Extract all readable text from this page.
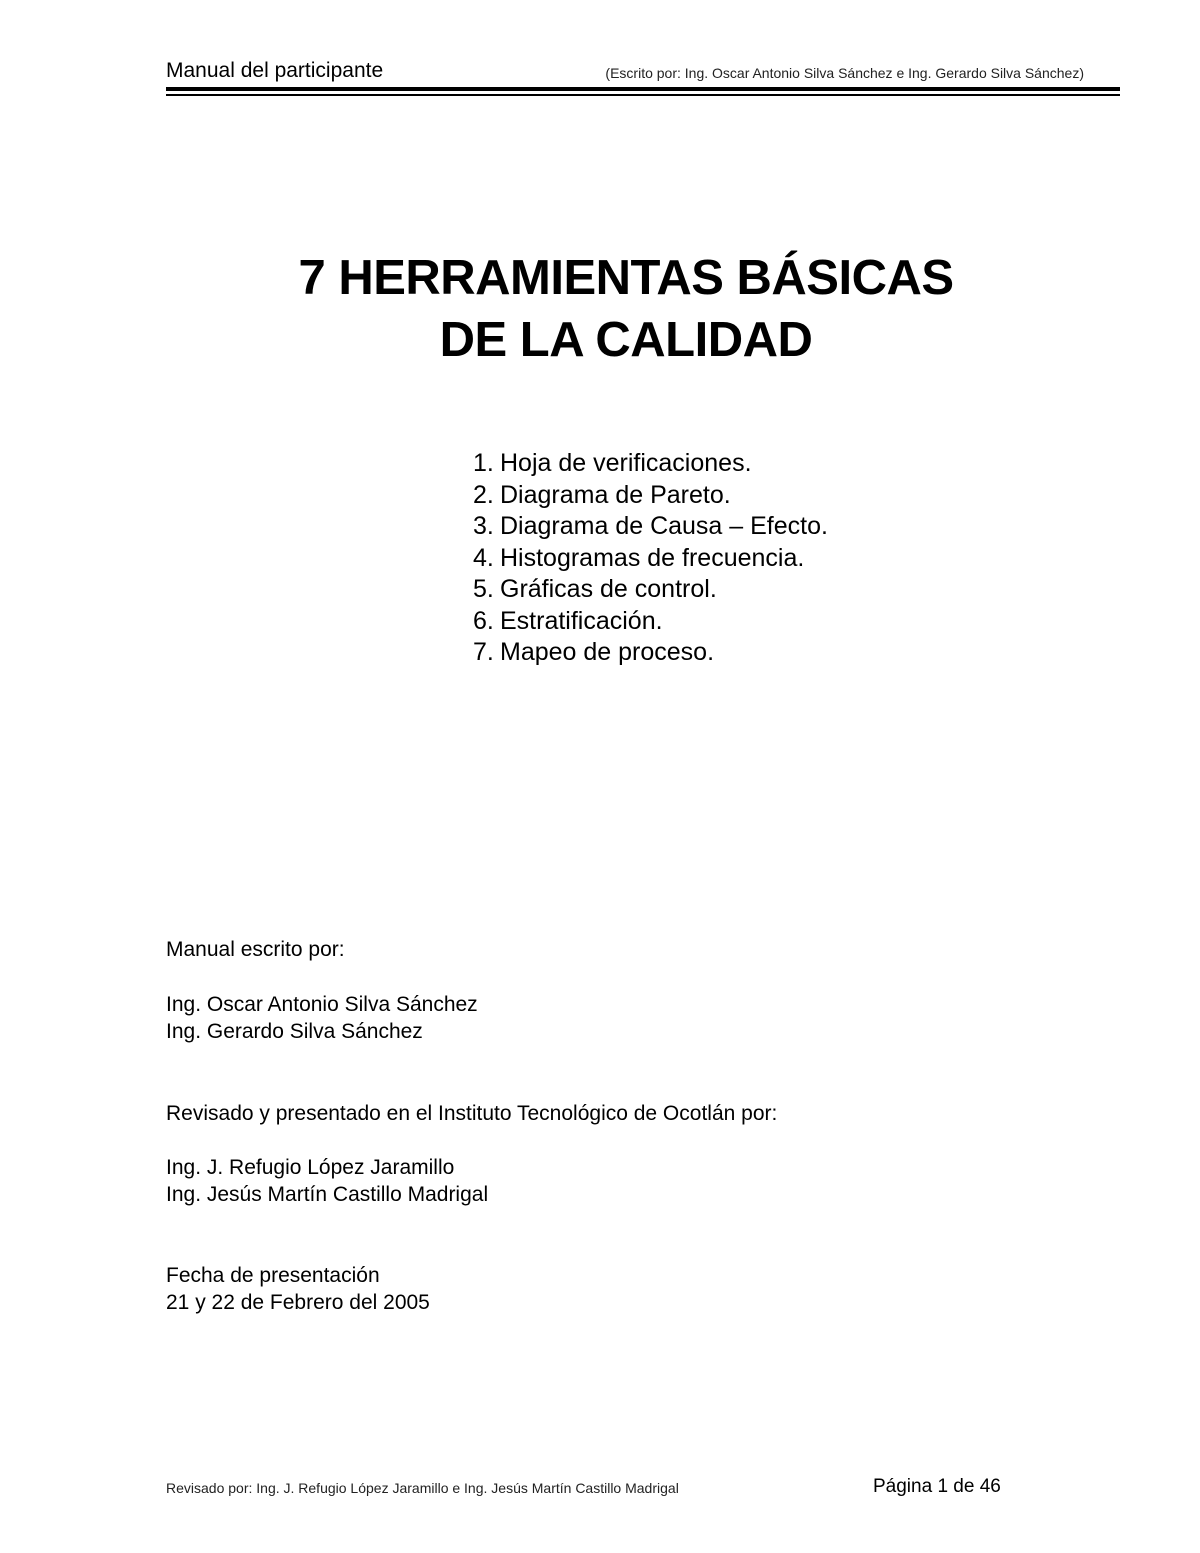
Manual del participante	(Escrito por: Ing. Oscar Antonio Silva Sánchez e Ing. Gerardo Silva Sánchez)
7 HERRAMIENTAS BÁSICAS
DE LA CALIDAD
1. Hoja de verificaciones.
2. Diagrama de Pareto.
3. Diagrama de Causa – Efecto.
4. Histogramas de frecuencia.
5. Gráficas de control.
6. Estratificación.
7. Mapeo de proceso.
Manual escrito por:
Ing. Oscar Antonio Silva Sánchez
Ing. Gerardo Silva Sánchez
Revisado y presentado en el Instituto Tecnológico de Ocotlán por:
Ing. J. Refugio López Jaramillo
Ing. Jesús Martín Castillo Madrigal
Fecha de presentación
21 y 22 de Febrero del 2005
Revisado por: Ing. J. Refugio López Jaramillo e Ing. Jesús Martín Castillo Madrigal	Página 1 de 46
